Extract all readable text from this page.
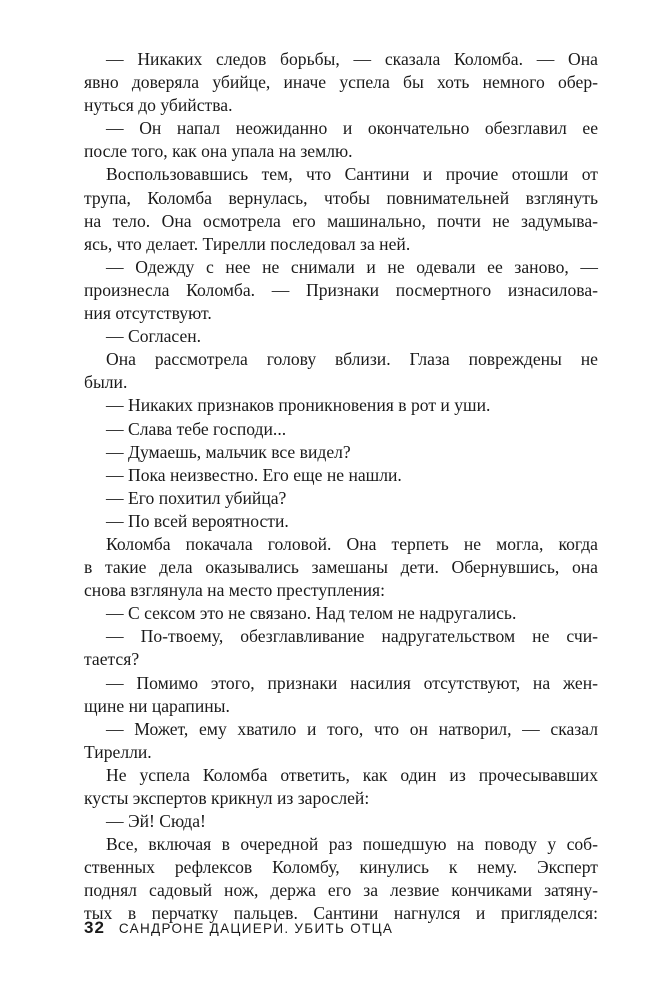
— Никаких следов борьбы, — сказала Коломба. — Она
явно доверяла убийце, иначе успела бы хоть немного обер-
нуться до убийства.
— Он напал неожиданно и окончательно обезглавил ее
после того, как она упала на землю.
Воспользовавшись тем, что Сантини и прочие отошли от
трупа, Коломба вернулась, чтобы повнимательней взглянуть
на тело. Она осмотрела его машинально, почти не задумыва-
ясь, что делает. Тирелли последовал за ней.
— Одежду с нее не снимали и не одевали ее заново, —
произнесла Коломба. — Признаки посмертного изнасилова-
ния отсутствуют.
— Согласен.
Она рассмотрела голову вблизи. Глаза повреждены не
были.
— Никаких признаков проникновения в рот и уши.
— Слава тебе господи...
— Думаешь, мальчик все видел?
— Пока неизвестно. Его еще не нашли.
— Его похитил убийца?
— По всей вероятности.
Коломба покачала головой. Она терпеть не могла, когда
в такие дела оказывались замешаны дети. Обернувшись, она
снова взглянула на место преступления:
— С сексом это не связано. Над телом не надругались.
— По-твоему, обезглавливание надругательством не счи-
тается?
— Помимо этого, признаки насилия отсутствуют, на жен-
щине ни царапины.
— Может, ему хватило и того, что он натворил, — сказал
Тирелли.
Не успела Коломба ответить, как один из прочесывавших
кусты экспертов крикнул из зарослей:
— Эй! Сюда!
Все, включая в очередной раз пошедшую на поводу у соб-
ственных рефлексов Коломбу, кинулись к нему. Эксперт
поднял садовый нож, держа его за лезвие кончиками затяну-
тых в перчатку пальцев. Сантини нагнулся и пригляделся:
32 САНДРОНЕ ДАЦИЕРИ. УБИТЬ ОТЦА
